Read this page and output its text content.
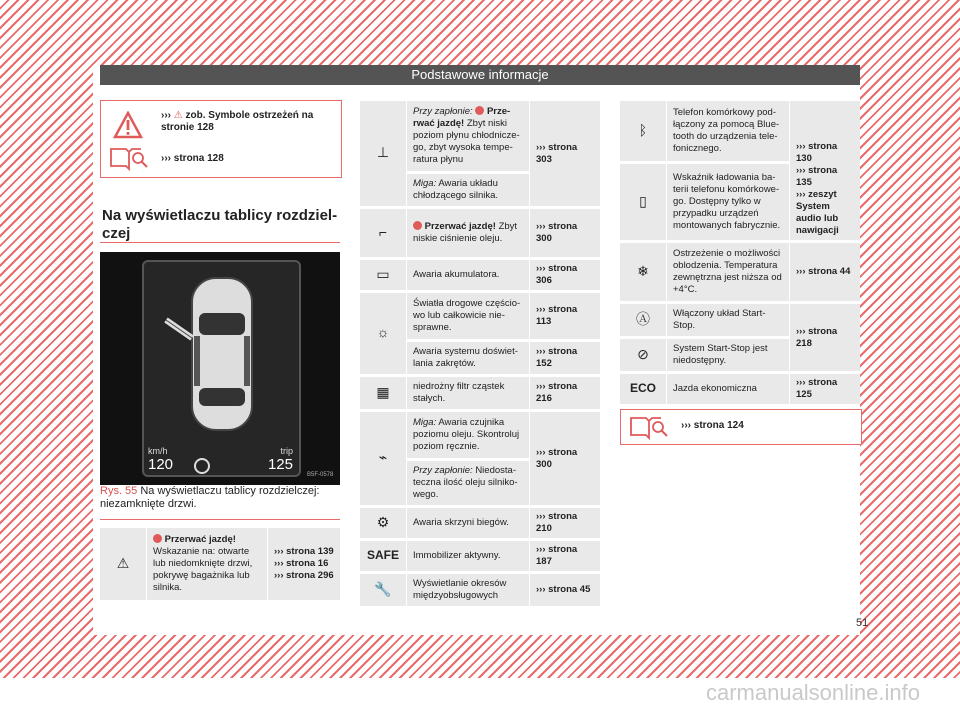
Podstawowe informacje
››› ⚠ zob. Symbole ostrzeżeń na stronie 128
››› strona 128
Na wyświetlaczu tablicy rozdzielczej
km/h
120
trip
125
B5F-0578
Rys. 55 Na wyświetlaczu tablicy rozdzielczej: niezamknięte drzwi.
⚠	Przerwać jazdę!
Wskazanie na: otwarte lub niedomknięte drzwi, pokrywę bagażnika lub silnika.	
››› strona 139
››› strona 16
››› strona 296
⊥	Przy zapłonie: Przerwać jazdę! Zbyt niski poziom płynu chłodniczego, zbyt wysoka temperatura płynu	››› strona 303
	Miga: Awaria układu chłodzącego silnika.	
⌐	Przerwać jazdę! Zbyt niskie ciśnienie oleju.	››› strona 300
▭	Awaria akumulatora.	››› strona 306
☼	Światła drogowe częściowo lub całkowicie niesprawne.	››› strona 113
	Awaria systemu doświetlania zakrętów.	››› strona 152
▦	niedrożny filtr cząstek stałych.	››› strona 216
⌁	Miga: Awaria czujnika poziomu oleju. Skontroluj poziom ręcznie.	››› strona 300
	Przy zapłonie: Niedostateczna ilość oleju silnikowego.	
⚙	Awaria skrzyni biegów.	››› strona 210
SAFE	Immobilizer aktywny.	››› strona 187
🔧	Wyświetlanie okresów międzyobsługowych	››› strona 45
ᛒ	Telefon komórkowy podłączony za pomocą Bluetooth do urządzenia telefonicznego.	››› strona 130
››› strona 135
››› zeszyt System audio lub nawigacji

▯	Wskaźnik ładowania baterii telefonu komórkowego. Dostępny tylko w przypadku urządzeń montowanych fabrycznie.	
❄	Ostrzeżenie o możliwości oblodzenia. Temperatura zewnętrzna jest niższa od +4°C.	››› strona 44
Ⓐ	Włączony układ Start-Stop.	››› strona 218
⊘	System Start-Stop jest niedostępny.	
ECO	Jazda ekonomiczna	››› strona 125
››› strona 124
51
carmanualsonline.info
